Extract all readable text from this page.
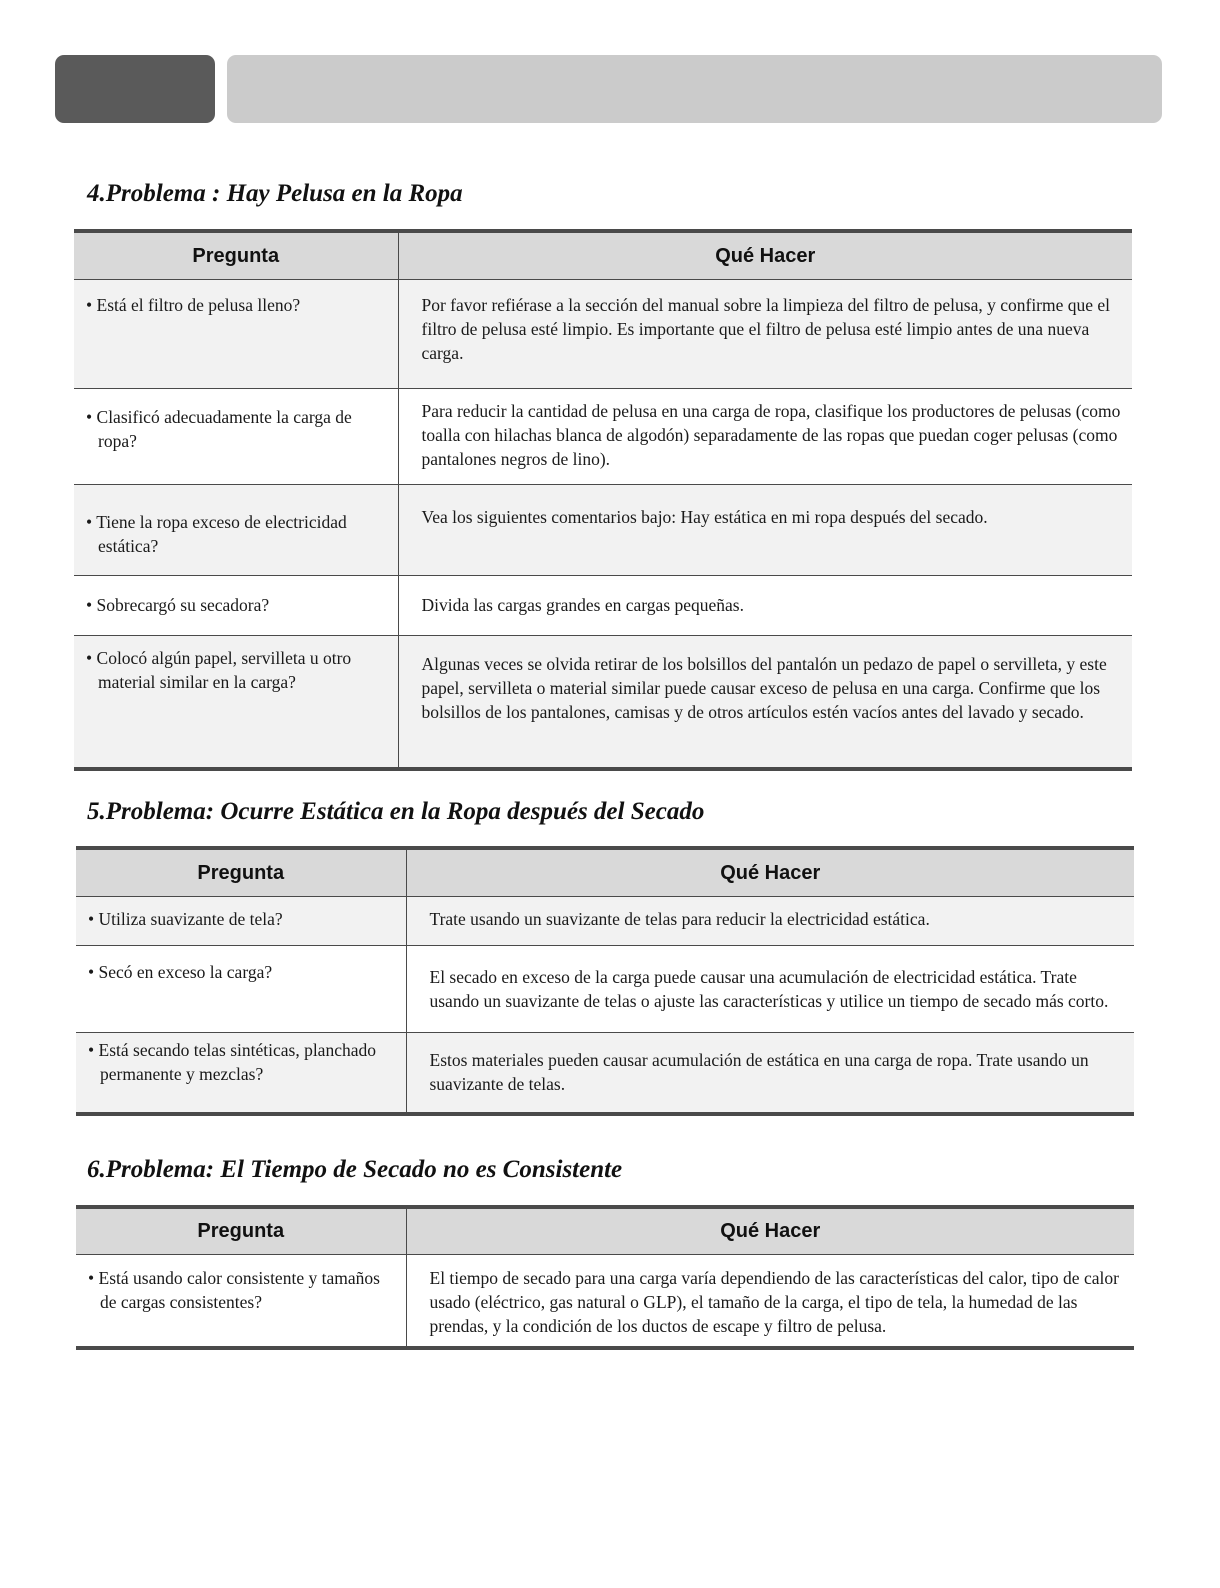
4.Problema : Hay Pelusa en la Ropa
Pregunta	Qué Hacer

• Está el filtro de pelusa lleno?	Por favor refiérase a la sección del manual sobre la limpieza del filtro de pelusa, y confirme que el filtro de pelusa esté limpio. Es importante que el filtro de pelusa esté limpio antes de una nueva carga.

• Clasificó adecuadamente la carga de ropa?	Para reducir la cantidad de pelusa en una carga de ropa, clasifique los productores de pelusas (como toalla con hilachas blanca de algodón) separadamente de las ropas que puedan coger pelusas (como pantalones negros de lino).

• Tiene la ropa exceso de electricidad estática?	Vea los siguientes comentarios bajo: Hay estática en mi ropa después del secado.

• Sobrecargó su secadora?	Divida las cargas grandes en cargas pequeñas.

• Colocó algún papel, servilleta u otro material similar en la carga?	Algunas veces se olvida retirar de los bolsillos del pantalón un pedazo de papel o servilleta, y este papel, servilleta o material similar puede causar exceso de pelusa en una carga. Confirme que los bolsillos de los pantalones, camisas y de otros artículos estén vacíos antes del lavado y secado.
5.Problema: Ocurre Estática en la Ropa después del Secado
Pregunta	Qué Hacer

• Utiliza suavizante de tela?	Trate usando un suavizante de telas para reducir la electricidad estática.

• Secó en exceso la carga?	El secado en exceso de la carga puede causar una acumulación de electricidad estática. Trate usando un suavizante de telas o ajuste las características y utilice un tiempo de secado más corto.

• Está secando telas sintéticas, planchado permanente y mezclas?	Estos materiales pueden causar acumulación de estática en una carga de ropa. Trate usando un suavizante de telas.
6.Problema: El Tiempo de Secado no es Consistente
Pregunta	Qué Hacer

• Está usando calor consistente y tamaños de cargas consistentes?	El tiempo de secado para una carga varía dependiendo de las características del calor, tipo de calor usado (eléctrico, gas natural o GLP), el tamaño de la carga, el tipo de tela, la humedad de las prendas, y la condición de los ductos de escape y filtro de pelusa.
